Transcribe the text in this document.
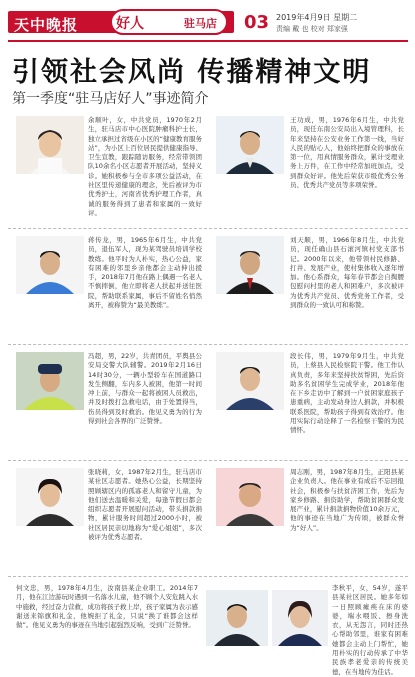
天中晚报	好人	驻马店 03 2019年4月9日 星期二
责编 戴 也 校对 郑家强
引领社会风尚 传播精神文明
第一季度“驻马店好人”事迹简介
余顺叶，女，中共党员，1970年2月生，驻马店市中心医院肿瘤科护士长，独立承担过省级在小区的“健康教育服务站”，为小区上百位居民提供健康指导、卫生宣教，跟踪随访服务，经常带领团队10余名小区志愿者开展活动，坚持义诊。她积极参与全市多项公益活动，在社区里传递健康的理念，先后被评为市优秀护士，河南省优秀护理工作者，真诚的服务得到了患者和家属的一致好评。
王功成，男，1976年6月生，中共党员，现任东南公安局出入境管理科，长年来坚持在公安业务工作第一线，当好人民的贴心人，他始终把群众的事放在第一位，用真情服务群众，累计受理业务上万件，在工作中经常加班加点，受到群众好评。他先后荣获市级优秀公务员、优秀共产党员等多项荣誉。
蒋传龙，男，1965年6月生，中共党员，退伍军人，现为某驾驶员培训学校教练。他平时为人朴实，热心公益，家有困难的邻里乡亲他都会主动伸出援手，2018年7月他在路上偶遇一名老人不慎摔倒，他立即将老人扶起并送往医院，帮助联系家属，事后不留姓名悄然离开，被称赞为“最美教练”。
刘天顺，男，1966年8月生，中共党员，现任确山县石滚河镇村党支部书记。2000年以来，他带领村民修路、打井、发展产业，使村集体收入逐年增加。他心系群众，每年春节都会自掏腰包慰问村里的老人和困难户，多次被评为优秀共产党员、优秀党务工作者，受到群众的一致认可和称赞。
冯超，男，22岁，共青团员，平舆县公安局交警大队辅警。2019年2月16日14时30分，一辆小型轿车在国道路口发生侧翻，车内多人被困，他第一时间冲上前，与群众一起将被困人员救出，并及时拨打急救电话，由于处置得当，伤员得到及时救治。他见义勇为的行为得到社会各界的广泛赞誉。
段长伟，男，1979年9月生，中共党员，上蔡县人民检察院干警。他工作认真负责，多年来坚持扶贫帮困，先后资助多名贫困学生完成学业，2018年他在下乡走访中了解到一户贫困家庭孩子患重病，主动发动身边人捐款，并积极联系医院，帮助孩子得到有效治疗。他用实际行动诠释了一名检察干警的为民情怀。
张晓莉，女，1987年2月生，驻马店市某社区志愿者。她热心公益，长期坚持照顾辖区内的孤寡老人和留守儿童，为他们送去温暖和关爱，每逢节假日都会组织志愿者开展慰问活动，带头捐款捐物，累计服务时间超过2000小时，被社区居民亲切地称为“爱心姐姐”，多次被评为优秀志愿者。
周志刚，男，1987年8月生，正阳县某企业负责人。他在事业有成后不忘回报社会，积极参与扶贫济困工作，先后为家乡修路、捐资助学，帮助贫困群众发展产业，累计捐款捐物价值10余万元，他的事迹在当地广为传颂，被群众誉为“好人”。
何文忠，男，1978年4月生，汝南县某企业职工。2014年7月，他在江边游玩时遇到一名落水儿童，他不顾个人安危跳入水中施救，经过奋力营救，成功将孩子救上岸，孩子家属为表示感谢送来锦旗和礼金，他婉拒了礼金，只说“换了谁都会这样做”。他见义勇为的事迹在当地引起强烈反响，受到广泛赞誉。
李秋平，女，54岁，遂平县某社区居民。她多年如一日照顾瘫痪在床的婆婆，端水喂饭、擦身洗衣，从无怨言，同时还热心帮助邻里，谁家有困难她都会主动上门帮忙，她用朴实的行动传承了中华民族孝老爱亲的传统美德，在当地传为佳话。
